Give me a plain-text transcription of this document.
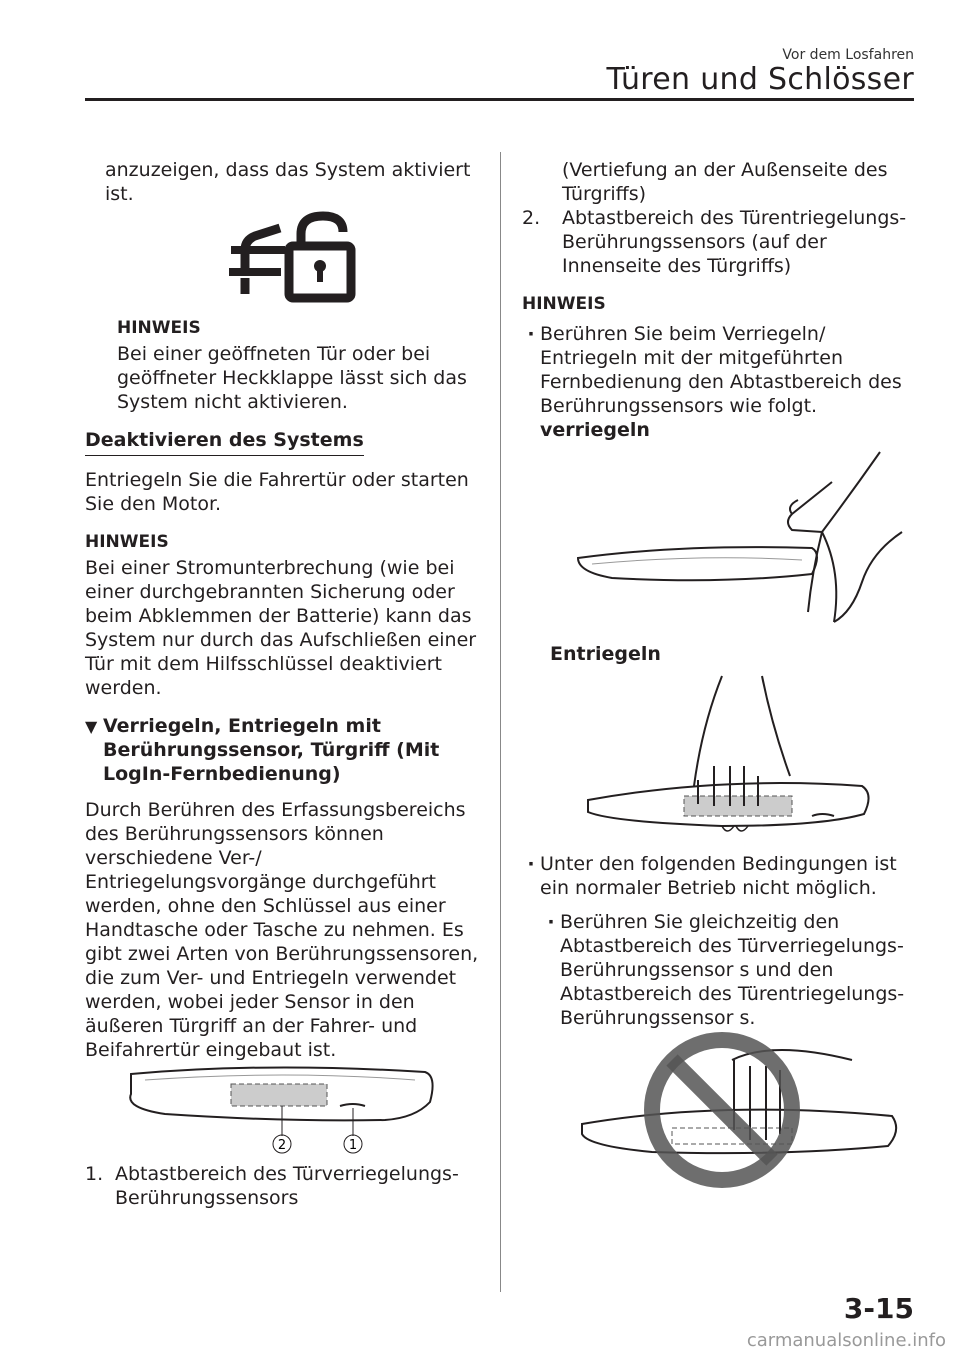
Vor dem Losfahren
Türen und Schlösser

anzuzeigen, dass das System aktiviert ist.

HINWEIS

Bei einer geöffneten Tür oder bei geöffneter Heckklappe lässt sich das System nicht aktivieren.

Deaktivieren des Systems

Entriegeln Sie die Fahrertür oder starten Sie den Motor.

HINWEIS

Bei einer Stromunterbrechung (wie bei einer durchgebrannten Sicherung oder beim Abklemmen der Batterie) kann das System nur durch das Aufschließen einer Tür mit dem Hilfsschlüssel deaktiviert werden.

▼ Verriegeln, Entriegeln mit Berührungssensor, Türgriff (Mit LogIn-Fernbedienung)

Durch Berühren des Erfassungsbereichs des Berührungssensors können verschiedene Ver-/ Entriegelungsvorgänge durchgeführt werden, ohne den Schlüssel aus einer Handtasche oder Tasche zu nehmen. Es gibt zwei Arten von Berührungssensoren, die zum Ver- und Entriegeln verwendet werden, wobei jeder Sensor in den äußeren Türgriff an der Fahrer- und Beifahrertür eingebaut ist.

2	1
1. Abtastbereich des Türverriegelungs-Berührungssensors

(Vertiefung an der Außenseite des Türgriffs)

2.	Abtastbereich des Türentriegelungs-Berührungssensors (auf der Innenseite des Türgriffs)

HINWEIS

· Berühren Sie beim Verriegeln/ Entriegeln mit der mitgeführten Fernbedienung den Abtastbereich des Berührungssensors wie folgt.
verriegeln

Entriegeln

· Unter den folgenden Bedingungen ist ein normaler Betrieb nicht möglich.
· Berühren Sie gleichzeitig den Abtastbereich des Türverriegelungs-Berührungssensor s und den Abtastbereich des Türentriegelungs-Berührungssensor s.
3-15
carmanualsonline.info
